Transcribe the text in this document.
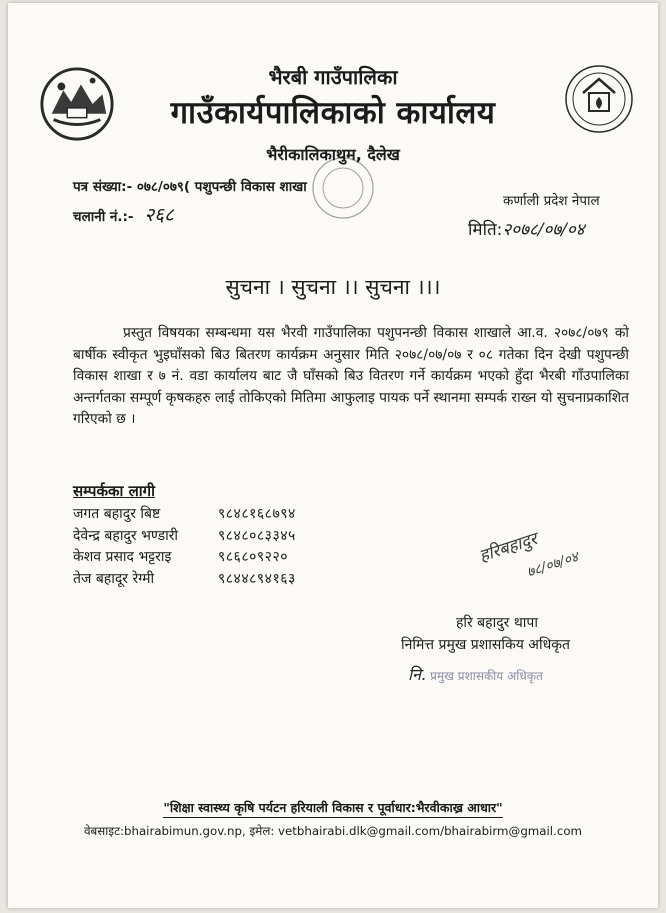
भैरबी गाउँपालिका
गाउँकार्यपालिकाको कार्यालय
भैरीकालिकाथुम, दैलेख
पत्र संख्या:- ०७८/०७९( पशुपन्छी विकास शाखा
चलानी नं.:- २६८
कर्णाली प्रदेश नेपाल
मिति:२०७८/०७/०४
सुचना । सुचना ।। सुचना ।।।
प्रस्तुत विषयका सम्बन्धमा यस भैरवी गाउँपालिका पशुपनन्छी विकास शाखाले आ.व. २०७८/०७९ को बार्षीक स्वीकृत भुइघाँसको बिउ बितरण कार्यक्रम अनुसार मिति २०७८/०७/०७ र ०८ गतेका दिन देखी पशुपन्छी विकास शाखा र ७ नं. वडा कार्यालय बाट जै घाँसको बिउ वितरण गर्ने कार्यक्रम भएको हुँदा भैरबी गाँउपालिका अन्तर्गतका सम्पूर्ण कृषकहरु लाई तोकिएको मितिमा आफुलाइ पायक पर्ने स्थानमा सम्पर्क राख्न यो सुचनाप्रकाशित गरिएको छ ।
सम्पर्कका लागी
जगत बहादुर बिष्ट	९८४८१६८७९४
देवेन्द्र बहादुर भण्डारी	९८४८०८३३४५
केशव प्रसाद भट्टराइ	९८६८०९२२०
तेज बहादूर रेग्मी	९८४४८९४१६३
हरिबहादुर
७८/०७/०४
हरि बहादुर थापा
निमित्त प्रमुख प्रशासकिय अधिकृत
नि. प्रमुख प्रशासकीय अधिकृत
"शिक्षा स्वास्थ्य कृषि पर्यटन हरियाली विकास र पूर्वाधार:भैरवीकाख्र आधार"
वेबसाइट:bhairabimun.gov.np, इमेल: vetbhairabi.dlk@gmail.com/bhairabirm@gmail.com
